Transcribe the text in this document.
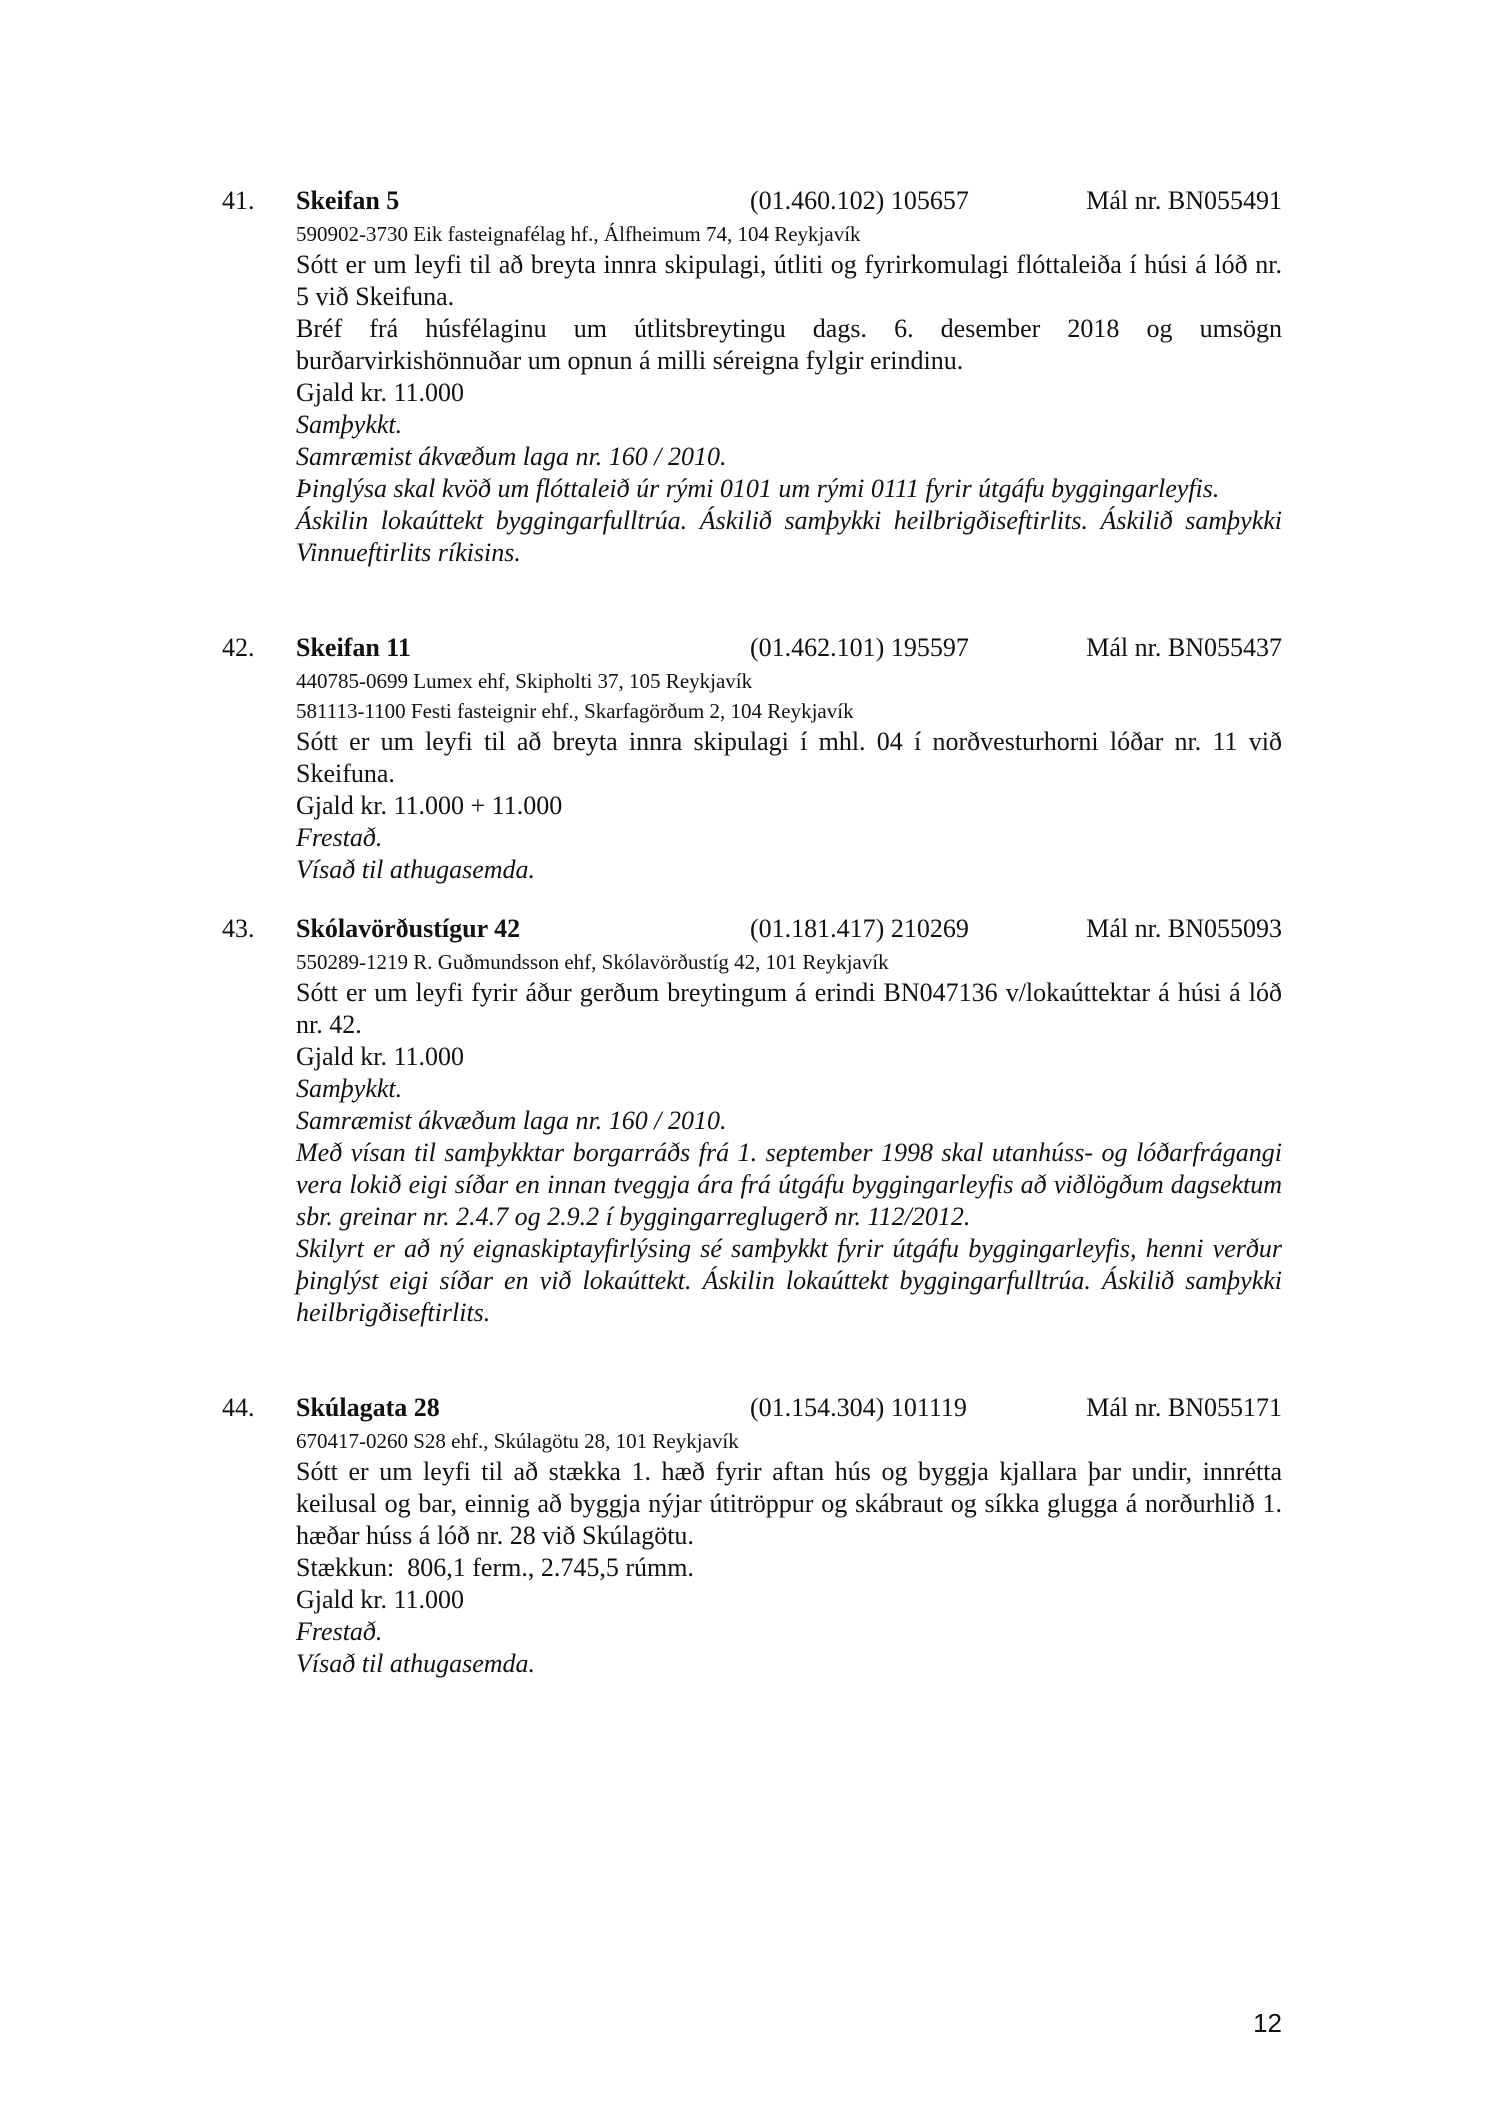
41. Skeifan 5	(01.460.102) 105657	Mál nr. BN055491
590902-3730 Eik fasteignafélag hf., Álfheimum 74, 104 Reykjavík
Sótt er um leyfi til að breyta innra skipulagi, útliti og fyrirkomulagi flóttaleiða í húsi á lóð nr. 5 við Skeifuna.
Bréf frá húsfélaginu um útlitsbreytingu dags. 6. desember 2018 og umsögn burðarvirkishönnuðar um opnun á milli séreigna fylgir erindinu.
Gjald kr. 11.000
Samþykkt.
Samræmist ákvæðum laga nr. 160 / 2010.
Þinglýsa skal kvöð um flóttaleið úr rými 0101 um rými 0111 fyrir útgáfu byggingarleyfis.
Áskilin lokaúttekt byggingarfulltrúa. Áskilið samþykki heilbrigðiseftirlits. Áskilið samþykki Vinnueftirlits ríkisins.
42. Skeifan 11	(01.462.101) 195597	Mál nr. BN055437
440785-0699 Lumex ehf, Skipholti 37, 105 Reykjavík
581113-1100 Festi fasteignir ehf., Skarfagörðum 2, 104 Reykjavík
Sótt er um leyfi til að breyta innra skipulagi í mhl. 04 í norðvesturhorni lóðar nr. 11 við Skeifuna.
Gjald kr. 11.000 + 11.000
Frestað.
Vísað til athugasemda.
43. Skólavörðustígur 42	(01.181.417) 210269	Mál nr. BN055093
550289-1219 R. Guðmundsson ehf, Skólavörðustíg 42, 101 Reykjavík
Sótt er um leyfi fyrir áður gerðum breytingum á erindi BN047136 v/lokaúttektar á húsi á lóð nr. 42.
Gjald kr. 11.000
Samþykkt.
Samræmist ákvæðum laga nr. 160 / 2010.
Með vísan til samþykktar borgarráðs frá 1. september 1998 skal utanhúss- og lóðarfrágangi vera lokið eigi síðar en innan tveggja ára frá útgáfu byggingarleyfis að viðlögðum dagsektum sbr. greinar nr. 2.4.7 og 2.9.2 í byggingarreglugerð nr. 112/2012.
Skilyrt er að ný eignaskiptayfirlýsing sé samþykkt fyrir útgáfu byggingarleyfis, henni verður þinglýst eigi síðar en við lokaúttekt. Áskilin lokaúttekt byggingarfulltrúa. Áskilið samþykki heilbrigðiseftirlits.
44. Skúlagata 28	(01.154.304) 101119	Mál nr. BN055171
670417-0260 S28 ehf., Skúlagötu 28, 101 Reykjavík
Sótt er um leyfi til að stækka 1. hæð fyrir aftan hús og byggja kjallara þar undir, innrétta keilusal og bar, einnig að byggja nýjar útitröppur og skábraut og síkka glugga á norðurhlið 1. hæðar húss á lóð nr. 28 við Skúlagötu.
Stækkun:  806,1 ferm., 2.745,5 rúmm.
Gjald kr. 11.000
Frestað.
Vísað til athugasemda.
12
